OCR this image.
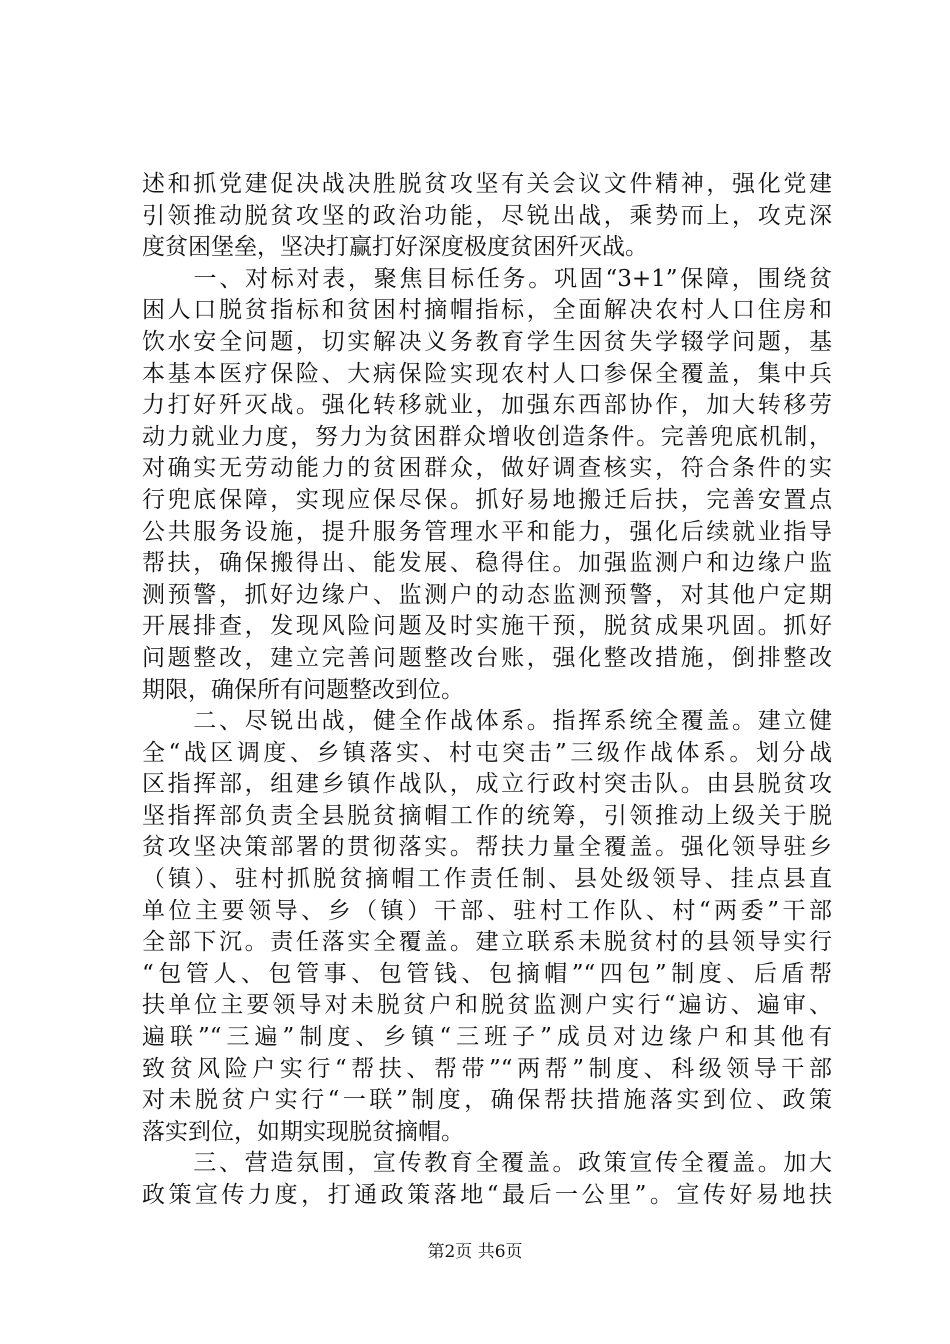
述和抓党建促决战决胜脱贫攻坚有关会议文件精神，强化党建
引领推动脱贫攻坚的政治功能，尽锐出战，乘势而上，攻克深
度贫困堡垒，坚决打赢打好深度极度贫困歼灭战。
　　一、对标对表，聚焦目标任务。巩固“3+1”保障，围绕贫
困人口脱贫指标和贫困村摘帽指标，全面解决农村人口住房和
饮水安全问题，切实解决义务教育学生因贫失学辍学问题，基
本基本医疗保险、大病保险实现农村人口参保全覆盖，集中兵
力打好歼灭战。强化转移就业，加强东西部协作，加大转移劳
动力就业力度，努力为贫困群众增收创造条件。完善兜底机制，
对确实无劳动能力的贫困群众，做好调查核实，符合条件的实
行兜底保障，实现应保尽保。抓好易地搬迁后扶，完善安置点
公共服务设施，提升服务管理水平和能力，强化后续就业指导
帮扶，确保搬得出、能发展、稳得住。加强监测户和边缘户监
测预警，抓好边缘户、监测户的动态监测预警，对其他户定期
开展排查，发现风险问题及时实施干预，脱贫成果巩固。抓好
问题整改，建立完善问题整改台账，强化整改措施，倒排整改
期限，确保所有问题整改到位。
　　二、尽锐出战，健全作战体系。指挥系统全覆盖。建立健
全“战区调度、乡镇落实、村屯突击”三级作战体系。划分战
区指挥部，组建乡镇作战队，成立行政村突击队。由县脱贫攻
坚指挥部负责全县脱贫摘帽工作的统筹，引领推动上级关于脱
贫攻坚决策部署的贯彻落实。帮扶力量全覆盖。强化领导驻乡
（镇）、驻村抓脱贫摘帽工作责任制、县处级领导、挂点县直
单位主要领导、乡（镇）干部、驻村工作队、村“两委”干部
全部下沉。责任落实全覆盖。建立联系未脱贫村的县领导实行
“包管人、包管事、包管钱、包摘帽”“四包”制度、后盾帮
扶单位主要领导对未脱贫户和脱贫监测户实行“遍访、遍审、
遍联”“三遍”制度、乡镇“三班子”成员对边缘户和其他有
致贫风险户实行“帮扶、帮带”“两帮”制度、科级领导干部
对未脱贫户实行“一联”制度，确保帮扶措施落实到位、政策
落实到位，如期实现脱贫摘帽。
　　三、营造氛围，宣传教育全覆盖。政策宣传全覆盖。加大
政策宣传力度，打通政策落地“最后一公里”。宣传好易地扶
第2页 共6页
